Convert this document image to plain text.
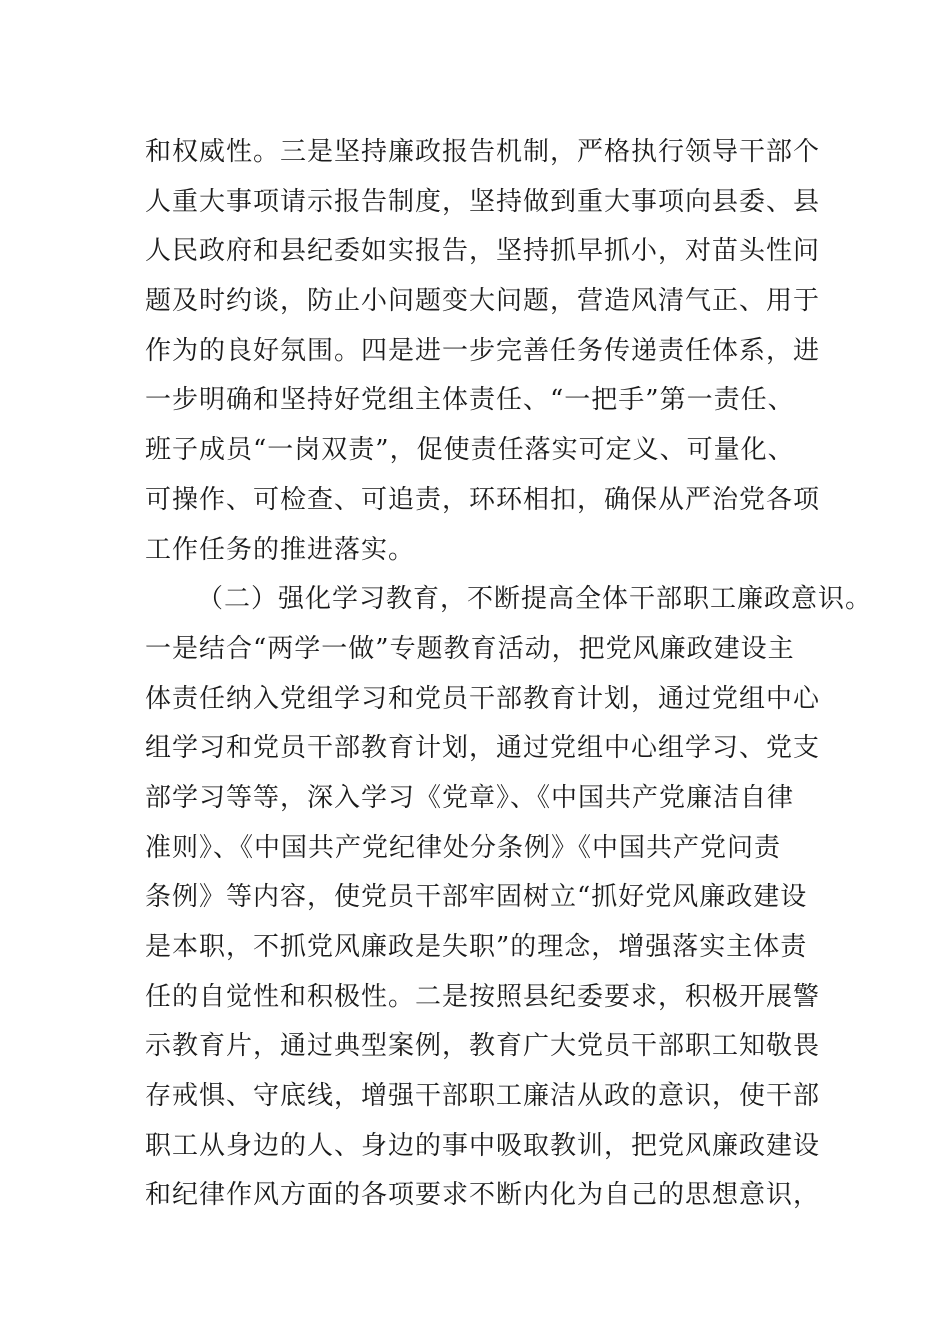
和权威性。三是坚持廉政报告机制，严格执行领导干部个
人重大事项请示报告制度，坚持做到重大事项向县委、县
人民政府和县纪委如实报告，坚持抓早抓小，对苗头性问
题及时约谈，防止小问题变大问题，营造风清气正、用于
作为的良好氛围。四是进一步完善任务传递责任体系，进
一步明确和坚持好党组主体责任、“一把手”第一责任、
班子成员“一岗双责”，促使责任落实可定义、可量化、
可操作、可检查、可追责，环环相扣，确保从严治党各项
工作任务的推进落实。
（二）强化学习教育，不断提高全体干部职工廉政意识。
一是结合“两学一做”专题教育活动，把党风廉政建设主
体责任纳入党组学习和党员干部教育计划，通过党组中心
组学习和党员干部教育计划，通过党组中心组学习、党支
部学习等等，深入学习《党章》、《中国共产党廉洁自律
准则》、《中国共产党纪律处分条例》《中国共产党问责
条例》等内容，使党员干部牢固树立“抓好党风廉政建设
是本职，不抓党风廉政是失职”的理念，增强落实主体责
任的自觉性和积极性。二是按照县纪委要求，积极开展警
示教育片，通过典型案例，教育广大党员干部职工知敬畏
存戒惧、守底线，增强干部职工廉洁从政的意识，使干部
职工从身边的人、身边的事中吸取教训，把党风廉政建设
和纪律作风方面的各项要求不断内化为自己的思想意识，
